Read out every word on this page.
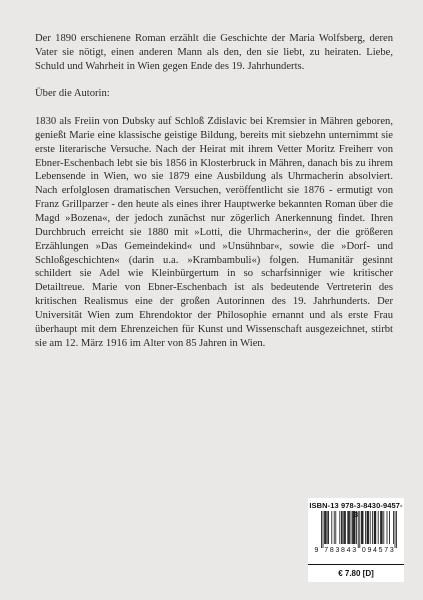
Der 1890 erschienene Roman erzählt die Geschichte der Maria Wolfsberg, deren Vater sie nötigt, einen anderen Mann als den, den sie liebt, zu heiraten. Liebe, Schuld und Wahrheit in Wien gegen Ende des 19. Jahrhunderts.

Über die Autorin:

1830 als Freiin von Dubsky auf Schloß Zdislavic bei Kremsier in Mähren geboren, genießt Marie eine klassische geistige Bildung, bereits mit siebzehn unternimmt sie erste literarische Versuche. Nach der Heirat mit ihrem Vetter Moritz Freiherr von Ebner-Eschenbach lebt sie bis 1856 in Klosterbruck in Mähren, danach bis zu ihrem Lebensende in Wien, wo sie 1879 eine Ausbildung als Uhrmacherin absolviert. Nach erfolglosen dramatischen Versuchen, veröffentlicht sie 1876 - ermutigt von Franz Grillparzer - den heute als eines ihrer Hauptwerke bekannten Roman über die Magd »Bozena«, der jedoch zunächst nur zögerlich Anerkennung findet. Ihren Durchbruch erreicht sie 1880 mit »Lotti, die Uhrmacherin«, der die größeren Erzählungen »Das Gemeindekind« und »Unsühnbar«, sowie die »Dorf- und Schloßgeschichten« (darin u.a. »Krambambuli«) folgen. Humanitär gesinnt schildert sie Adel wie Kleinbürgertum in so scharfsinniger wie kritischer Detailtreue. Marie von Ebner-Eschenbach ist als bedeutende Vertreterin des kritischen Realismus eine der großen Autorinnen des 19. Jahrhunderts. Der Universität Wien zum Ehrendoktor der Philosophie ernannt und als erste Frau überhaupt mit dem Ehrenzeichen für Kunst und Wissenschaft ausgezeichnet, stirbt sie am 12. März 1916 im Alter von 85 Jahren in Wien.

ISBN-13 978-3-8430-9457-3
9 7 8 3 8 4 3 0 9 4 5 7 3
€ 7.80 [D]
